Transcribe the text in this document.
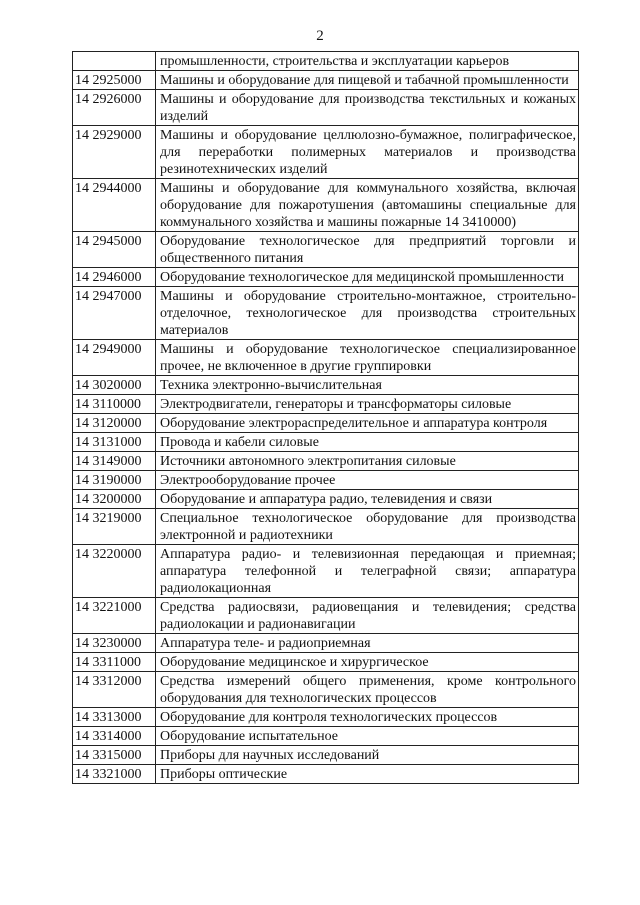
2
	промышленности, строительства и эксплуатации карьеров
14 2925000	Машины и оборудование для пищевой и табачной промышленности
14 2926000	Машины и оборудование для производства текстильных и кожаных изделий
14 2929000	Машины и оборудование целлюлозно-бумажное, полиграфическое, для переработки полимерных материалов и производства резинотехнических изделий
14 2944000	Машины и оборудование для коммунального хозяйства, включая оборудование для пожаротушения (автомашины специальные для коммунального хозяйства и машины пожарные 14 3410000)
14 2945000	Оборудование технологическое для предприятий торговли и общественного питания
14 2946000	Оборудование технологическое для медицинской промышленности
14 2947000	Машины и оборудование строительно-монтажное, строительно-отделочное, технологическое для производства строительных материалов
14 2949000	Машины и оборудование технологическое специализированное прочее, не включенное в другие группировки
14 3020000	Техника электронно-вычислительная
14 3110000	Электродвигатели, генераторы и трансформаторы силовые
14 3120000	Оборудование электрораспределительное и аппаратура контроля
14 3131000	Провода и кабели силовые
14 3149000	Источники автономного электропитания силовые
14 3190000	Электрооборудование прочее
14 3200000	Оборудование и аппаратура радио, телевидения и связи
14 3219000	Специальное технологическое оборудование для производства электронной и радиотехники
14 3220000	Аппаратура радио- и телевизионная передающая и приемная; аппаратура телефонной и телеграфной связи; аппаратура радиолокационная
14 3221000	Средства радиосвязи, радиовещания и телевидения; средства радиолокации и радионавигации
14 3230000	Аппаратура теле- и радиоприемная
14 3311000	Оборудование медицинское и хирургическое
14 3312000	Средства измерений общего применения, кроме контрольного оборудования для технологических процессов
14 3313000	Оборудование для контроля технологических процессов
14 3314000	Оборудование испытательное
14 3315000	Приборы для научных исследований
14 3321000	Приборы оптические
